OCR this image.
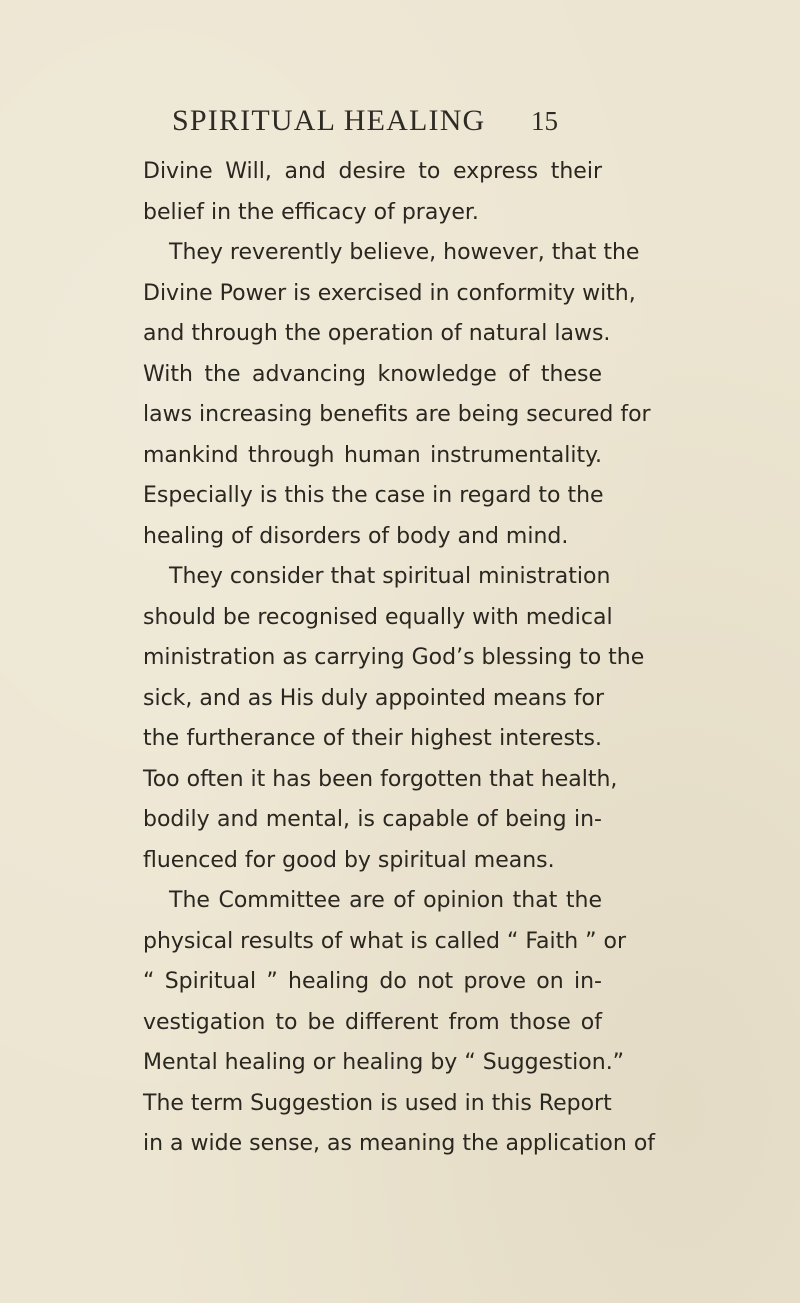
SPIRITUAL HEALING 15
Divine Will, and desire to express their
belief in the efficacy of prayer.
They reverently believe, however, that the
Divine Power is exercised in conformity with,
and through the operation of natural laws.
With the advancing knowledge of these
laws increasing benefits are being secured for
mankind through human instrumentality.
Especially is this the case in regard to the
healing of disorders of body and mind.
They consider that spiritual ministration
should be recognised equally with medical
ministration as carrying God’s blessing to the
sick, and as His duly appointed means for
the furtherance of their highest interests.
Too often it has been forgotten that health,
bodily and mental, is capable of being in-
fluenced for good by spiritual means.
The Committee are of opinion that the
physical results of what is called “ Faith ” or
“ Spiritual ” healing do not prove on in-
vestigation to be different from those of
Mental healing or healing by “ Suggestion.”
The term Suggestion is used in this Report
in a wide sense, as meaning the application of
